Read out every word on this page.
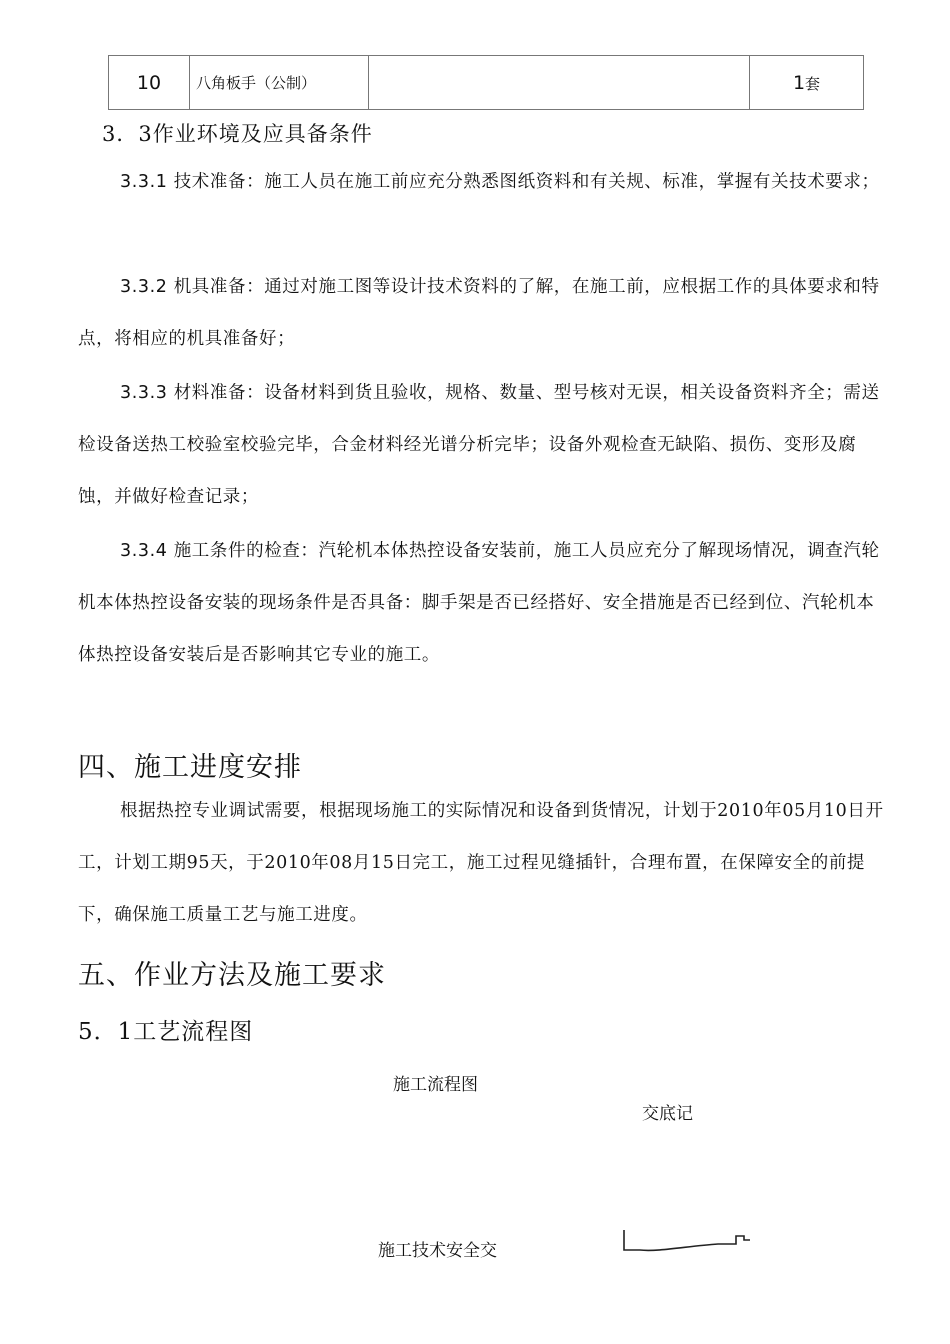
10	八角板手（公制）		1套
3．3作业环境及应具备条件
3.3.1 技术准备：施工人员在施工前应充分熟悉图纸资料和有关规、标准，掌握有关技术要求；
3.3.2 机具准备：通过对施工图等设计技术资料的了解，在施工前，应根据工作的具体要求和特点，将相应的机具准备好；
3.3.3 材料准备：设备材料到货且验收，规格、数量、型号核对无误，相关设备资料齐全；需送检设备送热工校验室校验完毕，合金材料经光谱分析完毕；设备外观检查无缺陷、损伤、变形及腐蚀，并做好检查记录；
3.3.4 施工条件的检查：汽轮机本体热控设备安装前，施工人员应充分了解现场情况，调查汽轮机本体热控设备安装的现场条件是否具备：脚手架是否已经搭好、安全措施是否已经到位、汽轮机本体热控设备安装后是否影响其它专业的施工。
四、施工进度安排
根据热控专业调试需要，根据现场施工的实际情况和设备到货情况，计划于2010年05月10日开工，计划工期95天，于2010年08月15日完工，施工过程见缝插针，合理布置，在保障安全的前提下，确保施工质量工艺与施工进度。
五、作业方法及施工要求
5．1工艺流程图
施工流程图
交底记
施工技术安全交
